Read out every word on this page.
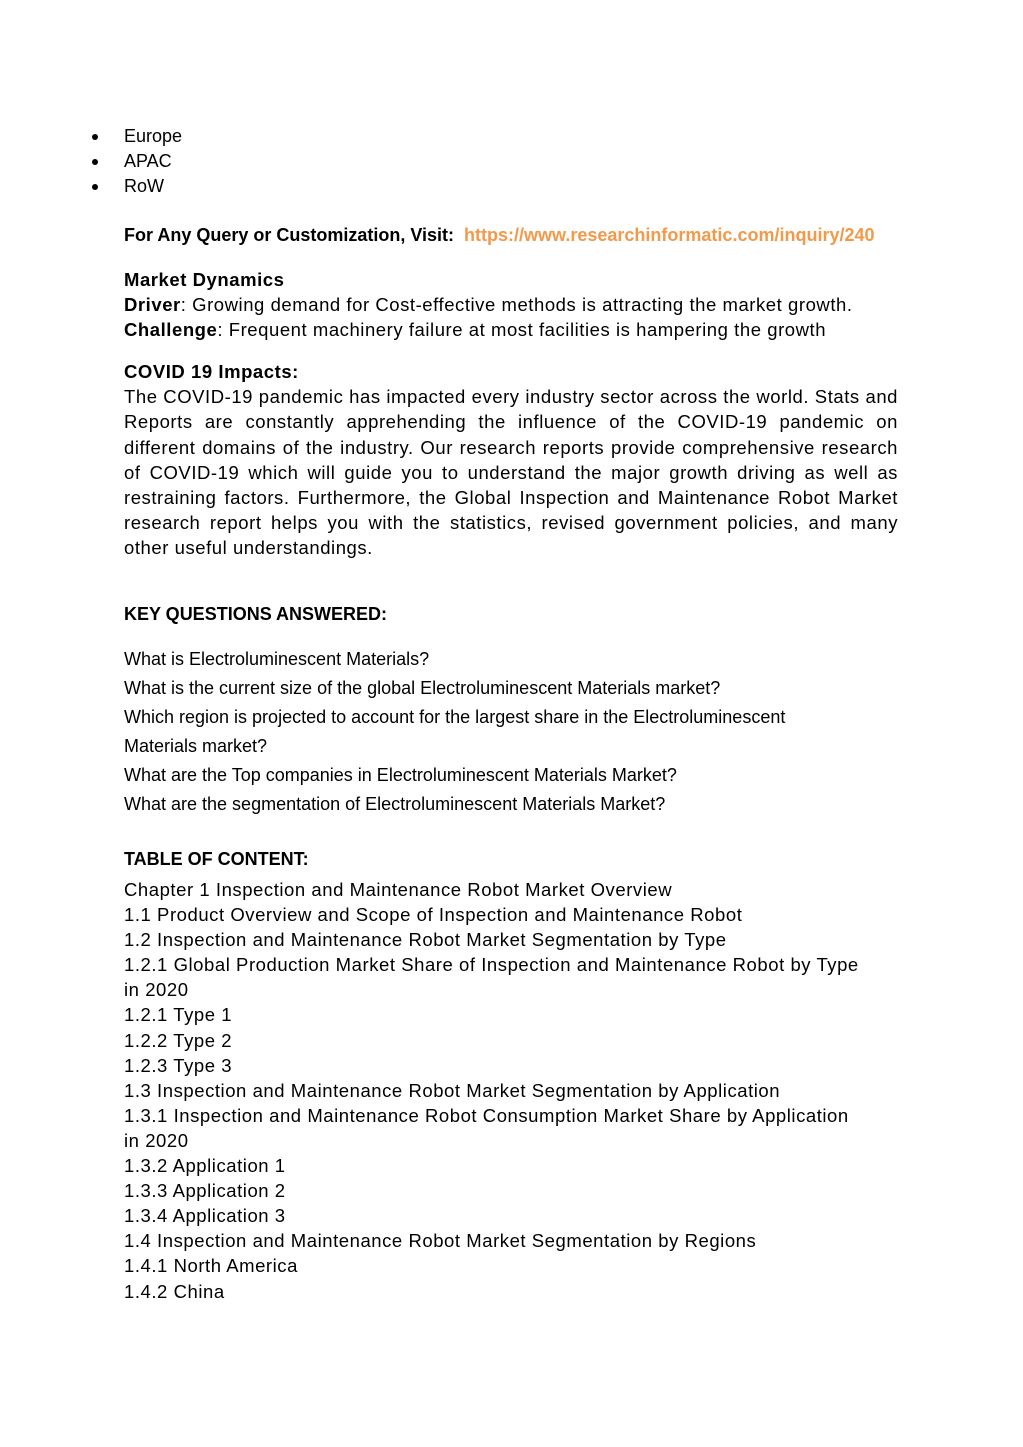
Europe
APAC
RoW
For Any Query or Customization, Visit: https://www.researchinformatic.com/inquiry/240
Market Dynamics
Driver: Growing demand for Cost-effective methods is attracting the market growth.
Challenge: Frequent machinery failure at most facilities is hampering the growth
COVID 19 Impacts:
The COVID-19 pandemic has impacted every industry sector across the world. Stats and Reports are constantly apprehending the influence of the COVID-19 pandemic on different domains of the industry. Our research reports provide comprehensive research of COVID-19 which will guide you to understand the major growth driving as well as restraining factors. Furthermore, the Global Inspection and Maintenance Robot Market research report helps you with the statistics, revised government policies, and many other useful understandings.
KEY QUESTIONS ANSWERED:
What is Electroluminescent Materials?
What is the current size of the global Electroluminescent Materials market?
Which region is projected to account for the largest share in the Electroluminescent Materials market?
What are the Top companies in Electroluminescent Materials Market?
What are the segmentation of Electroluminescent Materials Market?
TABLE OF CONTENT:
Chapter 1 Inspection and Maintenance Robot Market Overview
1.1 Product Overview and Scope of Inspection and Maintenance Robot
1.2 Inspection and Maintenance Robot Market Segmentation by Type
1.2.1 Global Production Market Share of Inspection and Maintenance Robot by Type
in 2020
1.2.1 Type 1
1.2.2 Type 2
1.2.3 Type 3
1.3 Inspection and Maintenance Robot Market Segmentation by Application
1.3.1 Inspection and Maintenance Robot Consumption Market Share by Application
in 2020
1.3.2 Application 1
1.3.3 Application 2
1.3.4 Application 3
1.4 Inspection and Maintenance Robot Market Segmentation by Regions
1.4.1 North America
1.4.2 China
